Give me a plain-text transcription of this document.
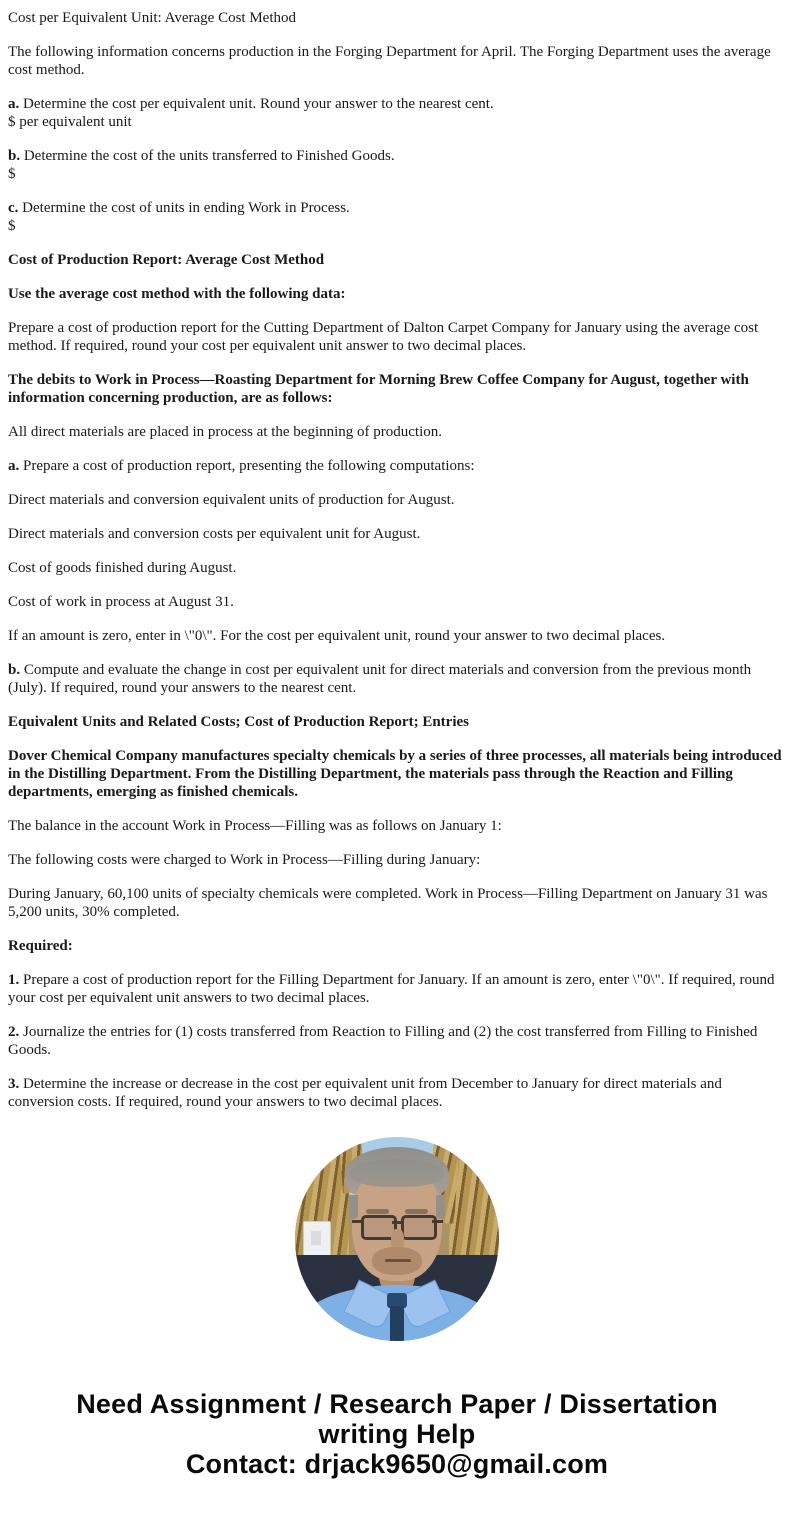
Cost per Equivalent Unit: Average Cost Method

The following information concerns production in the Forging Department for April. The Forging Department uses the average cost method.

a. Determine the cost per equivalent unit. Round your answer to the nearest cent.
$ per equivalent unit

b. Determine the cost of the units transferred to Finished Goods.
$

c. Determine the cost of units in ending Work in Process.
$

Cost of Production Report: Average Cost Method

Use the average cost method with the following data:

Prepare a cost of production report for the Cutting Department of Dalton Carpet Company for January using the average cost method. If required, round your cost per equivalent unit answer to two decimal places.

The debits to Work in Process—Roasting Department for Morning Brew Coffee Company for August, together with information concerning production, are as follows:

All direct materials are placed in process at the beginning of production.

a. Prepare a cost of production report, presenting the following computations:

Direct materials and conversion equivalent units of production for August.

Direct materials and conversion costs per equivalent unit for August.

Cost of goods finished during August.

Cost of work in process at August 31.

If an amount is zero, enter in \"0\". For the cost per equivalent unit, round your answer to two decimal places.

b. Compute and evaluate the change in cost per equivalent unit for direct materials and conversion from the previous month (July). If required, round your answers to the nearest cent.

Equivalent Units and Related Costs; Cost of Production Report; Entries

Dover Chemical Company manufactures specialty chemicals by a series of three processes, all materials being introduced in the Distilling Department. From the Distilling Department, the materials pass through the Reaction and Filling departments, emerging as finished chemicals.

The balance in the account Work in Process—Filling was as follows on January 1:

The following costs were charged to Work in Process—Filling during January:

During January, 60,100 units of specialty chemicals were completed. Work in Process—Filling Department on January 31 was 5,200 units, 30% completed.

Required:

1. Prepare a cost of production report for the Filling Department for January. If an amount is zero, enter \"0\". If required, round your cost per equivalent unit answers to two decimal places.

2. Journalize the entries for (1) costs transferred from Reaction to Filling and (2) the cost transferred from Filling to Finished Goods.

3. Determine the increase or decrease in the cost per equivalent unit from December to January for direct materials and conversion costs. If required, round your answers to two decimal places.

Need Assignment / Research Paper / Dissertation
writing Help
Contact: drjack9650@gmail.com
